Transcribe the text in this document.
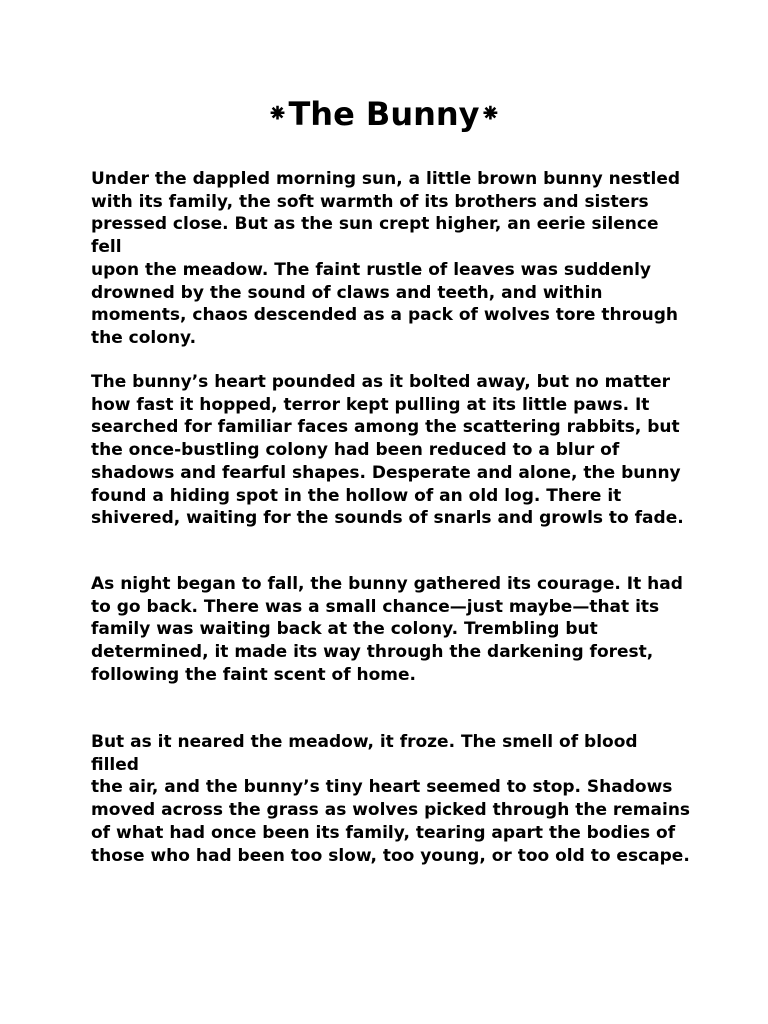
⁕The Bunny⁕

Under the dappled morning sun, a little brown bunny nestled
with its family, the soft warmth of its brothers and sisters
pressed close. But as the sun crept higher, an eerie silence fell
upon the meadow. The faint rustle of leaves was suddenly
drowned by the sound of claws and teeth, and within
moments, chaos descended as a pack of wolves tore through
the colony.

The bunny’s heart pounded as it bolted away, but no matter
how fast it hopped, terror kept pulling at its little paws. It
searched for familiar faces among the scattering rabbits, but
the once-bustling colony had been reduced to a blur of
shadows and fearful shapes. Desperate and alone, the bunny
found a hiding spot in the hollow of an old log. There it
shivered, waiting for the sounds of snarls and growls to fade.

As night began to fall, the bunny gathered its courage. It had
to go back. There was a small chance—just maybe—that its
family was waiting back at the colony. Trembling but
determined, it made its way through the darkening forest,
following the faint scent of home.

But as it neared the meadow, it froze. The smell of blood filled
the air, and the bunny’s tiny heart seemed to stop. Shadows
moved across the grass as wolves picked through the remains
of what had once been its family, tearing apart the bodies of
those who had been too slow, too young, or too old to escape.
